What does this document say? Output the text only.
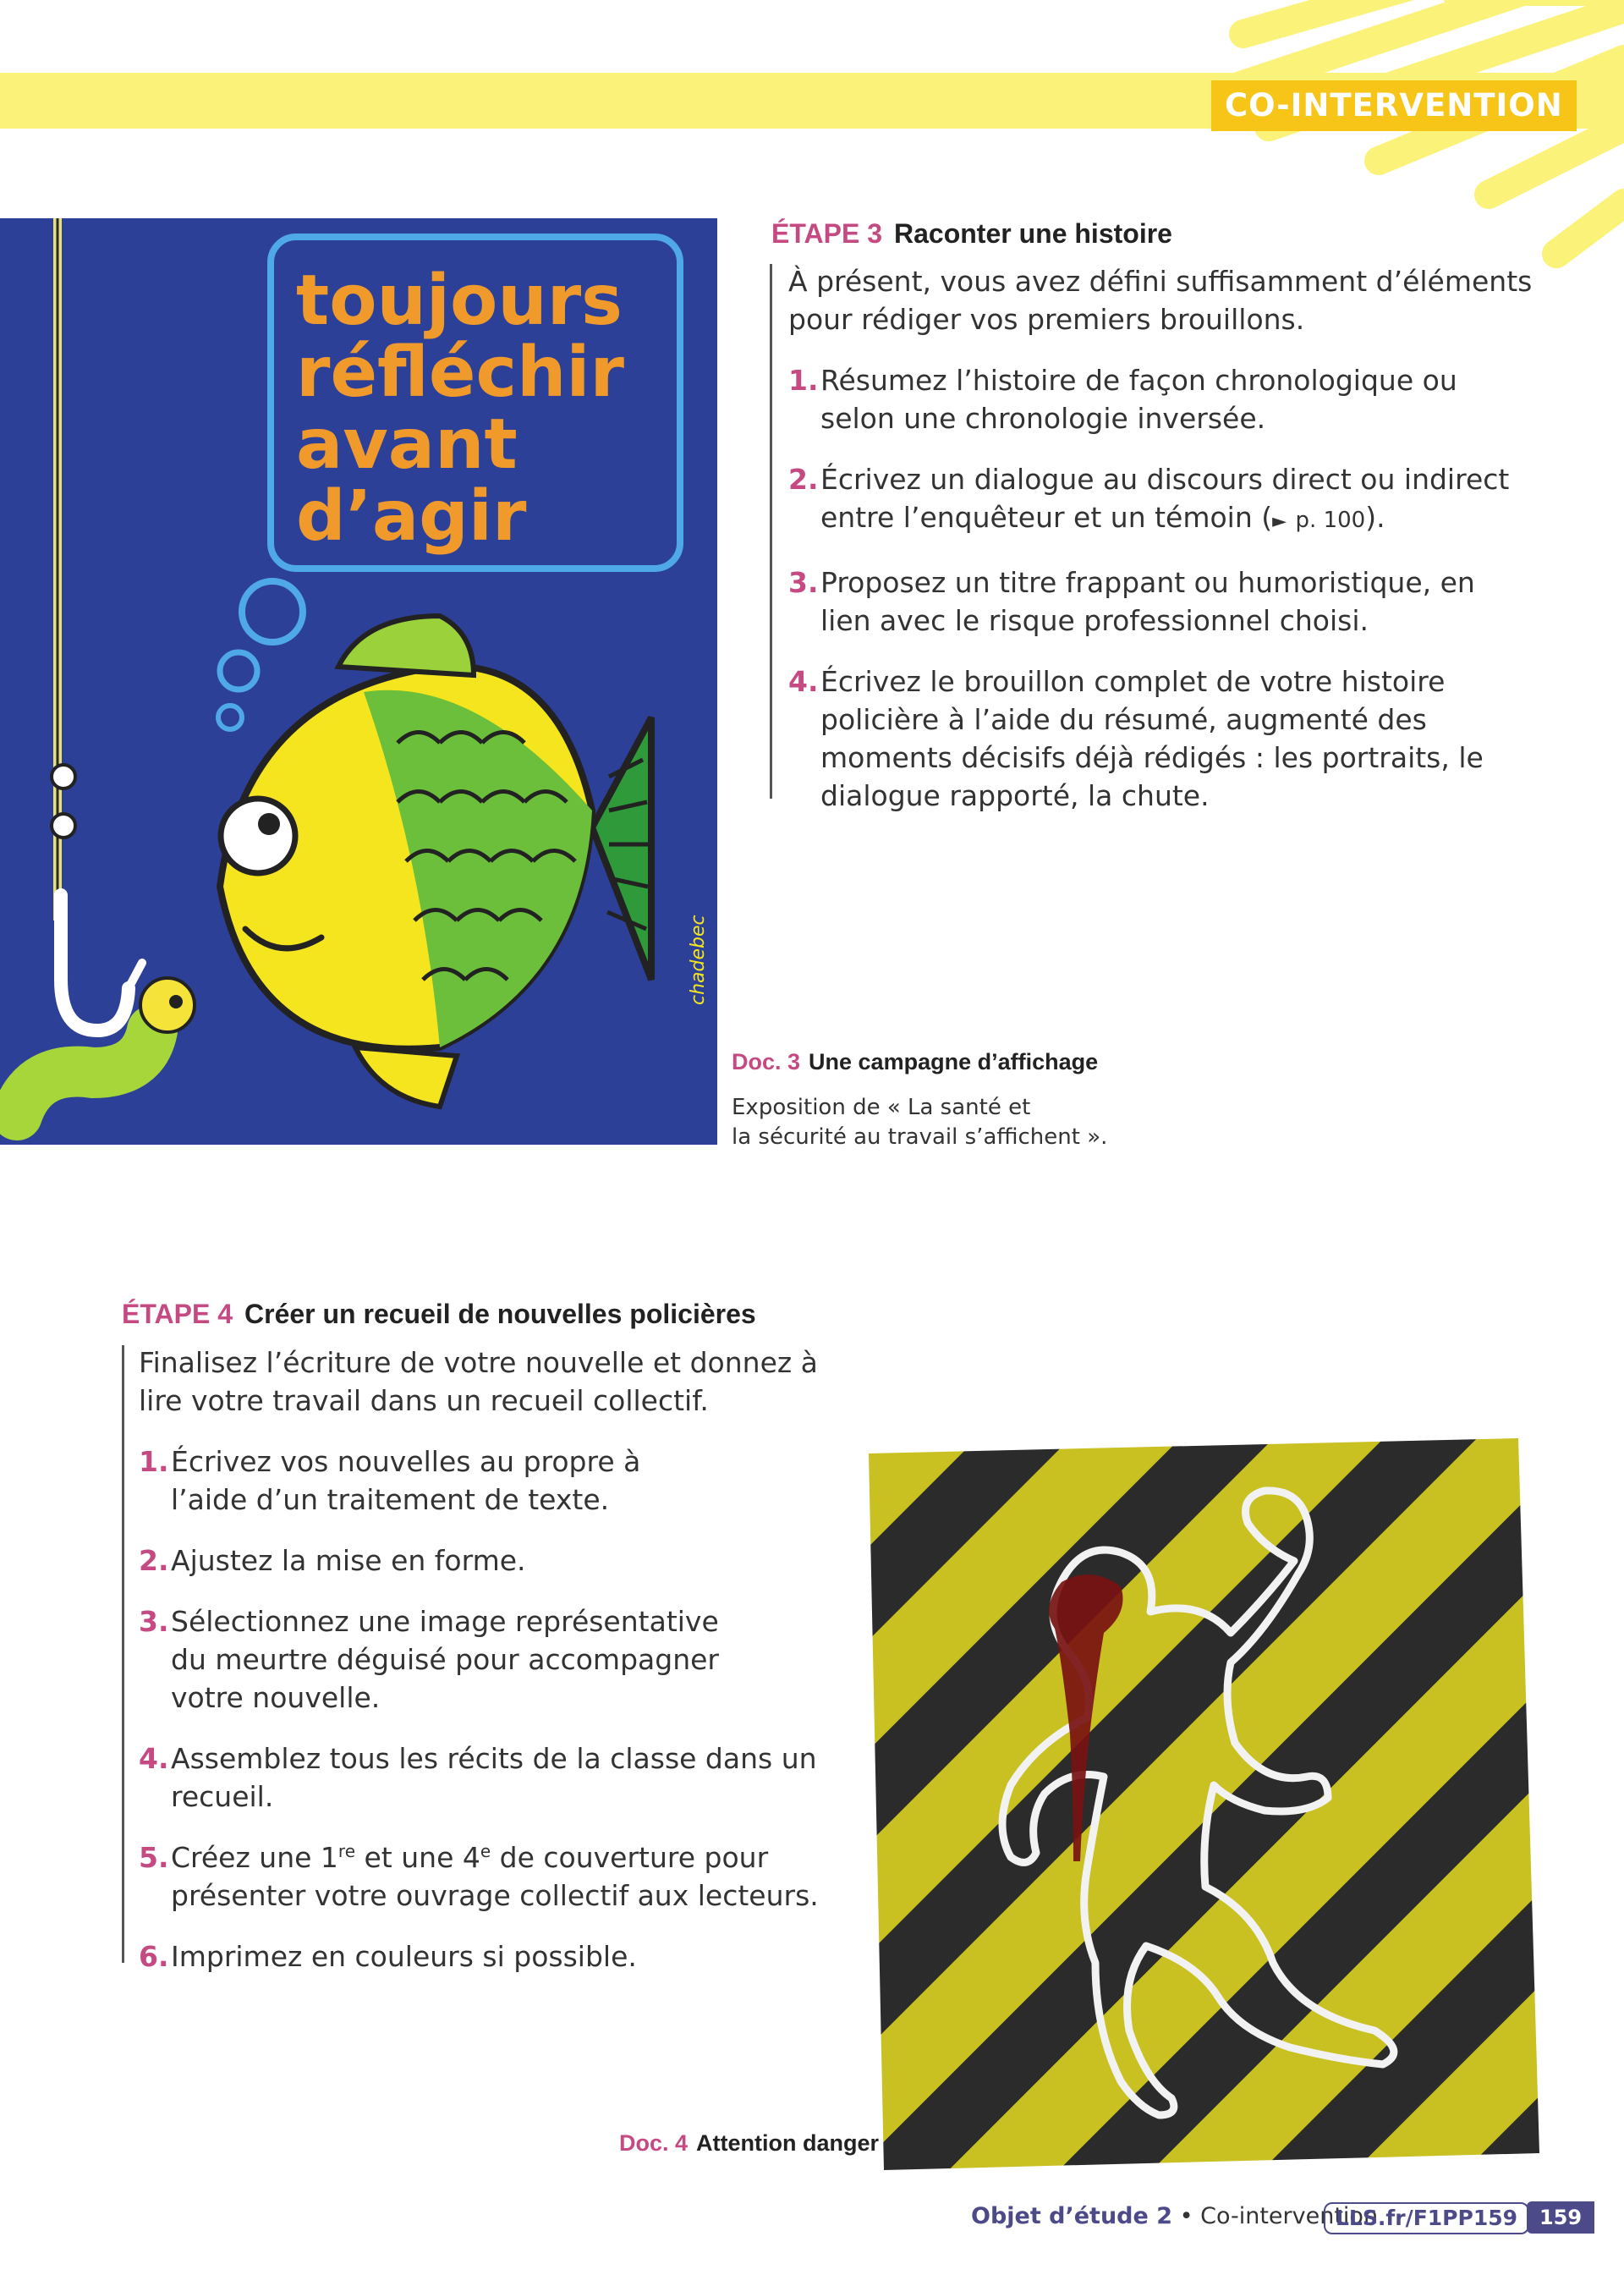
CO-INTERVENTION
toujours
réfléchir
avant
d’agir
chadebec
ÉTAPE 3 Raconter une histoire
À présent, vous avez défini suffisamment d’éléments pour rédiger vos premiers brouillons.
1. Résumez l’histoire de façon chronologique ou selon une chronologie inversée.
2. Écrivez un dialogue au discours direct ou indirect entre l’enquêteur et un témoin (► p. 100).
3. Proposez un titre frappant ou humoristique, en lien avec le risque professionnel choisi.
4. Écrivez le brouillon complet de votre histoire policière à l’aide du résumé, augmenté des moments décisifs déjà rédigés : les portraits, le dialogue rapporté, la chute.
Doc. 3 Une campagne d’affichage
Exposition de « La santé et
la sécurité au travail s’affichent ».
ÉTAPE 4 Créer un recueil de nouvelles policières
Finalisez l’écriture de votre nouvelle et donnez à lire votre travail dans un recueil collectif.
1. Écrivez vos nouvelles au propre à l’aide d’un traitement de texte.
2. Ajustez la mise en forme.
3. Sélectionnez une image représentative du meurtre déguisé pour accompagner votre nouvelle.
4. Assemblez tous les récits de la classe dans un recueil.
5. Créez une 1re et une 4e de couverture pour présenter votre ouvrage collectif aux lecteurs.
6. Imprimez en couleurs si possible.
Doc. 4 Attention danger
Objet d’étude 2 • Co-intervention
LLS.fr/F1PP159	159
